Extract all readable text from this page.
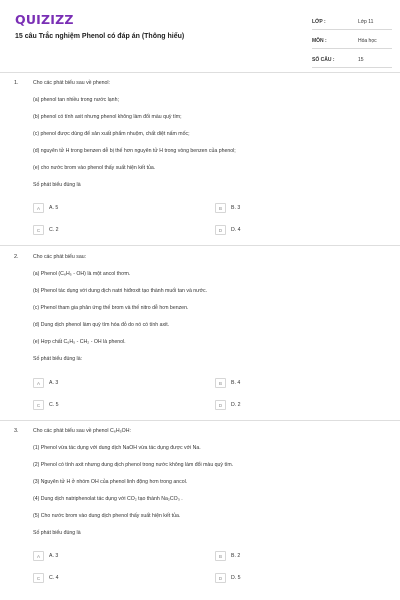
QUIZIZZ
15 câu Trắc nghiệm Phenol có đáp án (Thông hiểu)
LỚP :	Lớp 11
MÔN :	Hóa học
SỐ CÂU :	15
1.	Cho các phát biểu sau về phenol:
(a) phenol tan nhiều trong nước lạnh;
(b) phenol có tính axit nhưng phenol không làm đổi màu quỳ tím;
(c) phenol được dùng để sản xuất phẩm nhuộm, chất diệt nấm mốc;
(d) nguyên tử H trong benzen dễ bị thế hơn nguyên tử H trong vòng benzen của phenol;
(e) cho nước brom vào phenol thấy xuất hiện kết tủa.
Số phát biểu đúng là
A	A. 5	B	B. 3
C	C. 2	D	D. 4
2.	Cho các phát biểu sau:
(a) Phenol (C₆H₅ - OH) là một ancol thơm.
(b) Phenol tác dụng với dung dịch natri hiđroxit tạo thành muối tan và nước.
(c) Phenol tham gia phản ứng thế brom và thế nitro dễ hơn benzen.
(d) Dung dịch phenol làm quỳ tím hóa đỏ do nó có tính axit.
(e) Hợp chất C₆H₅ - CH₂ - OH là phenol.
Số phát biểu đúng là:
A	A. 3	B	B. 4
C	C. 5	D	D. 2
3.	Cho các phát biểu sau về phenol C₆H₅OH:
(1) Phenol vừa tác dụng với dung dịch NaOH vừa tác dụng được với Na.
(2) Phenol có tính axit nhưng dung dịch phenol trong nước không làm đổi màu quỳ tím.
(3) Nguyên tử H ở nhóm OH của phenol linh động hơn trong ancol.
(4) Dung dịch natriphenolat tác dụng với CO₂ tạo thành Na₂CO₃ .
(5) Cho nước brom vào dung dịch phenol thấy xuất hiện kết tủa.
Số phát biểu đúng là
A	A. 3	B	B. 2
C	C. 4	D	D. 5
